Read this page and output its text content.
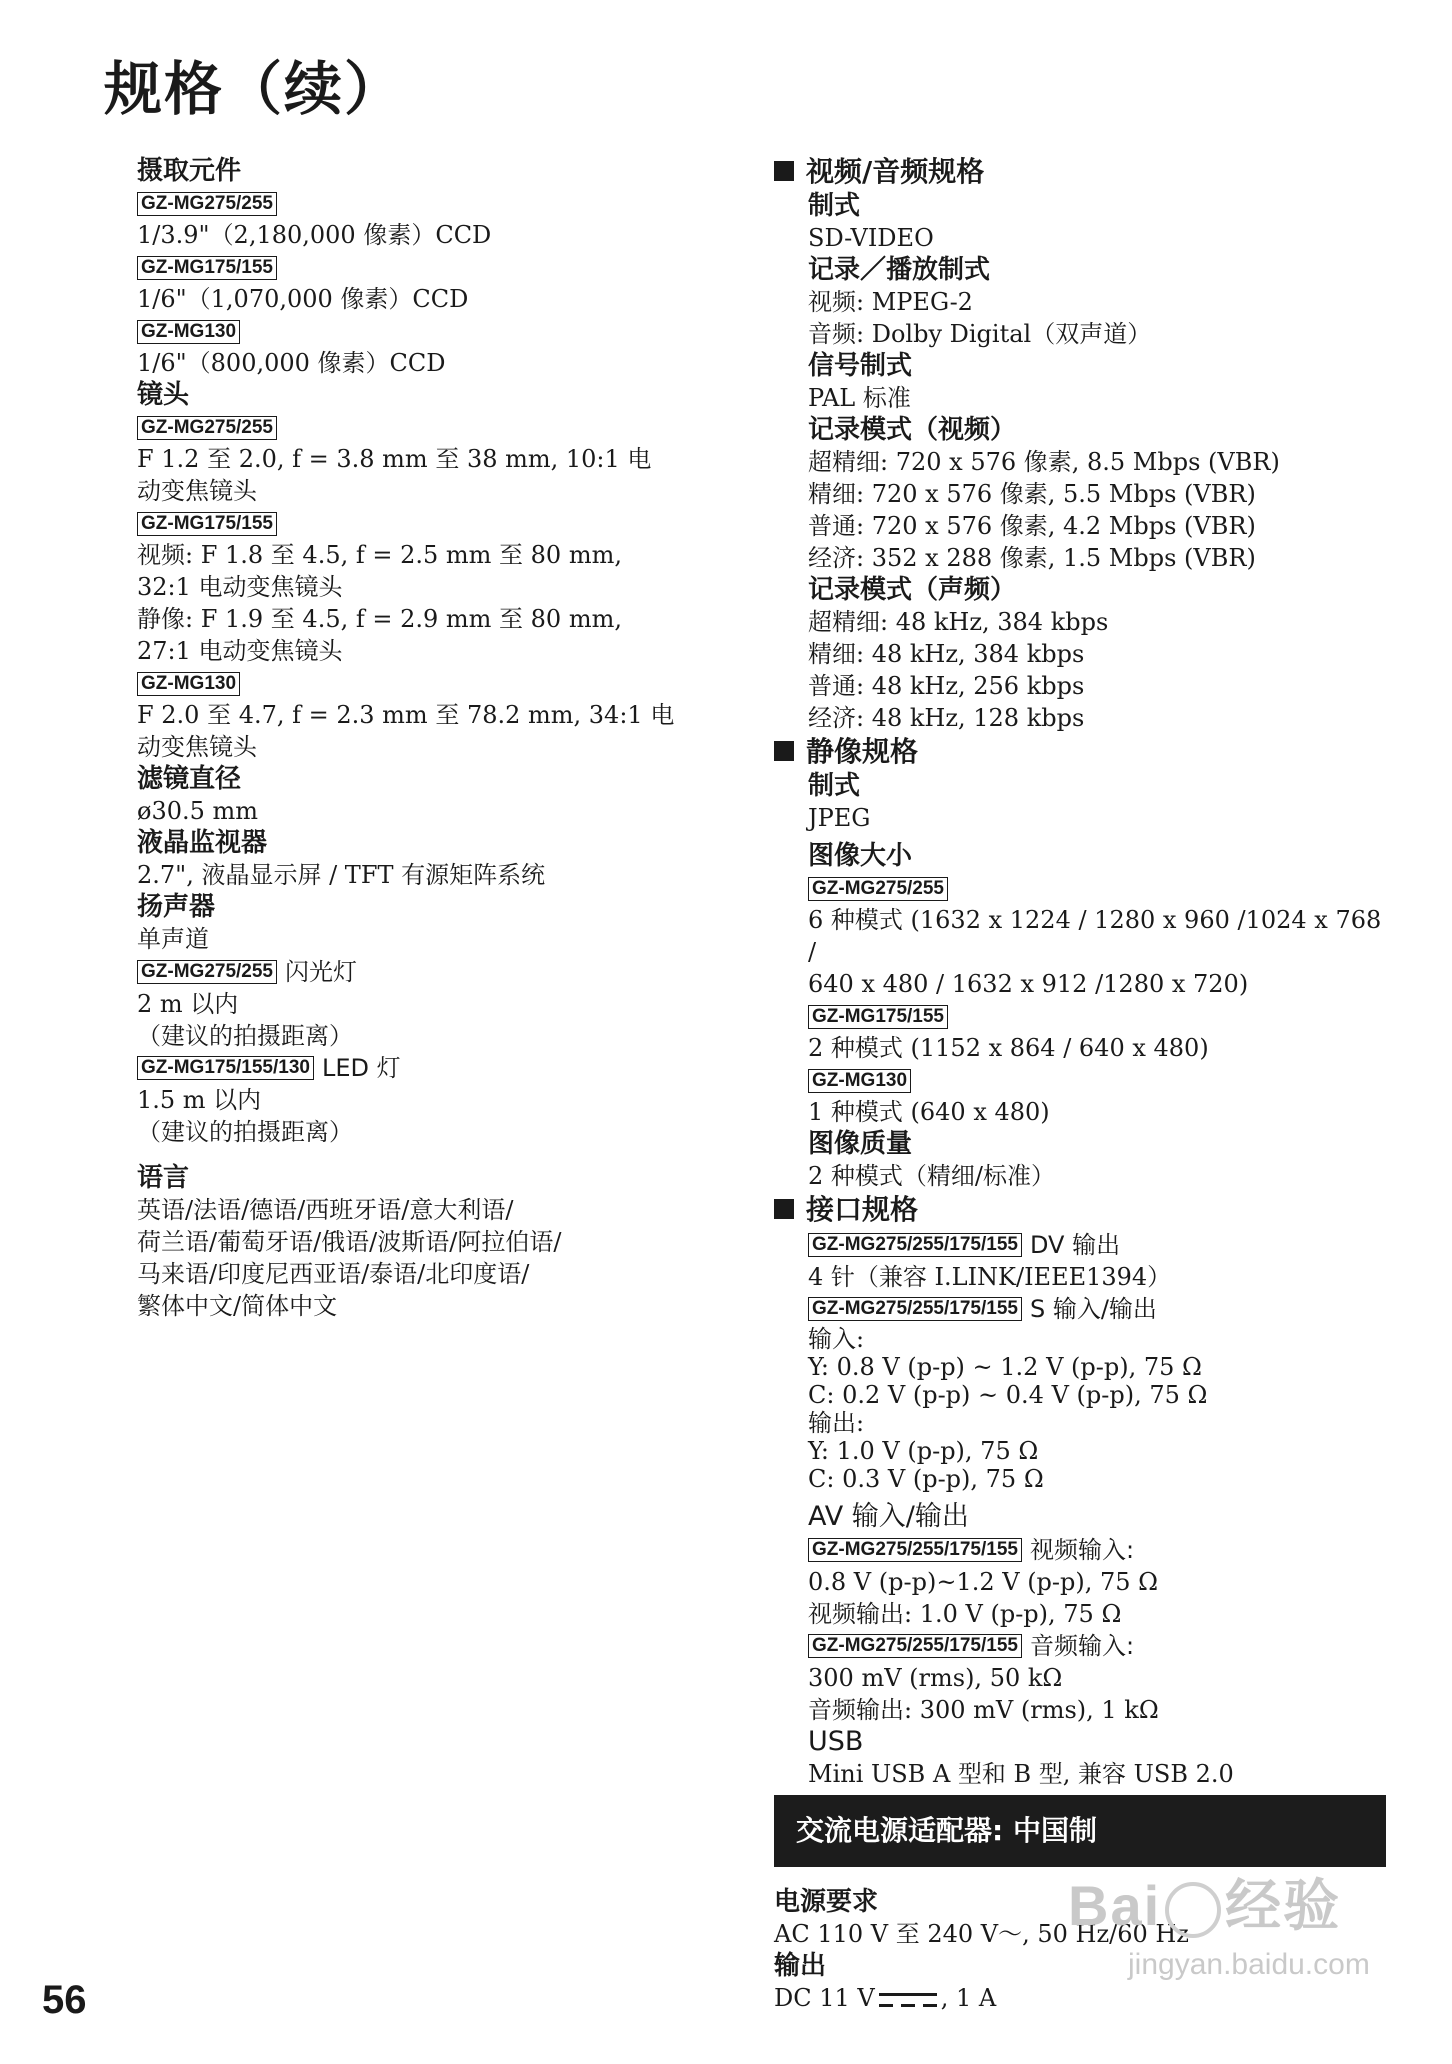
规格（续）
摄取元件
GZ-MG275/255
1/3.9"（2,180,000 像素）CCD
GZ-MG175/155
1/6"（1,070,000 像素）CCD
GZ-MG130
1/6"（800,000 像素）CCD
镜头
GZ-MG275/255
F 1.2 至 2.0, f = 3.8 mm 至 38 mm, 10:1 电
动变焦镜头
GZ-MG175/155
视频: F 1.8 至 4.5, f = 2.5 mm 至 80 mm,
32:1 电动变焦镜头
静像: F 1.9 至 4.5, f = 2.9 mm 至 80 mm,
27:1 电动变焦镜头
GZ-MG130
F 2.0 至 4.7, f = 2.3 mm 至 78.2 mm, 34:1 电
动变焦镜头
滤镜直径
ø30.5 mm
液晶监视器
2.7", 液晶显示屏 / TFT 有源矩阵系统
扬声器
单声道
GZ-MG275/255 闪光灯
2 m 以内
（建议的拍摄距离）
GZ-MG175/155/130 LED 灯
1.5 m 以内
（建议的拍摄距离）
语言
英语/法语/德语/西班牙语/意大利语/
荷兰语/葡萄牙语/俄语/波斯语/阿拉伯语/
马来语/印度尼西亚语/泰语/北印度语/
繁体中文/简体中文
视频/音频规格
制式
SD-VIDEO
记录／播放制式
视频: MPEG-2
音频: Dolby Digital（双声道）
信号制式
PAL 标准
记录模式（视频）
超精细: 720 x 576 像素, 8.5 Mbps (VBR)
精细: 720 x 576 像素, 5.5 Mbps (VBR)
普通: 720 x 576 像素, 4.2 Mbps (VBR)
经济: 352 x 288 像素, 1.5 Mbps (VBR)
记录模式（声频）
超精细: 48 kHz, 384 kbps
精细: 48 kHz, 384 kbps
普通: 48 kHz, 256 kbps
经济: 48 kHz, 128 kbps
静像规格
制式
JPEG
图像大小
GZ-MG275/255
6 种模式 (1632 x 1224 / 1280 x 960 /1024 x 768 /
640 x 480 / 1632 x 912 /1280 x 720)
GZ-MG175/155
2 种模式 (1152 x 864 / 640 x 480)
GZ-MG130
1 种模式 (640 x 480)
图像质量
2 种模式（精细/标准）
接口规格
GZ-MG275/255/175/155 DV 输出
4 针（兼容 I.LINK/IEEE1394）
GZ-MG275/255/175/155 S 输入/输出
输入:
Y: 0.8 V (p-p) ~ 1.2 V (p-p), 75 Ω
C: 0.2 V (p-p) ~ 0.4 V (p-p), 75 Ω
输出:
Y: 1.0 V (p-p), 75 Ω
C: 0.3 V (p-p), 75 Ω
AV 输入/输出
GZ-MG275/255/175/155 视频输入:
0.8 V (p-p)~1.2 V (p-p), 75 Ω
视频输出: 1.0 V (p-p), 75 Ω
GZ-MG275/255/175/155 音频输入:
300 mV (rms), 50 kΩ
音频输出: 300 mV (rms), 1 kΩ
USB
Mini USB A 型和 B 型, 兼容 USB 2.0
交流电源适配器: 中国制
电源要求
AC 110 V 至 240 V～, 50 Hz/60 Hz
输出
DC 11 V	, 1 A
56
Bai 经验
jingyan.baidu.com
